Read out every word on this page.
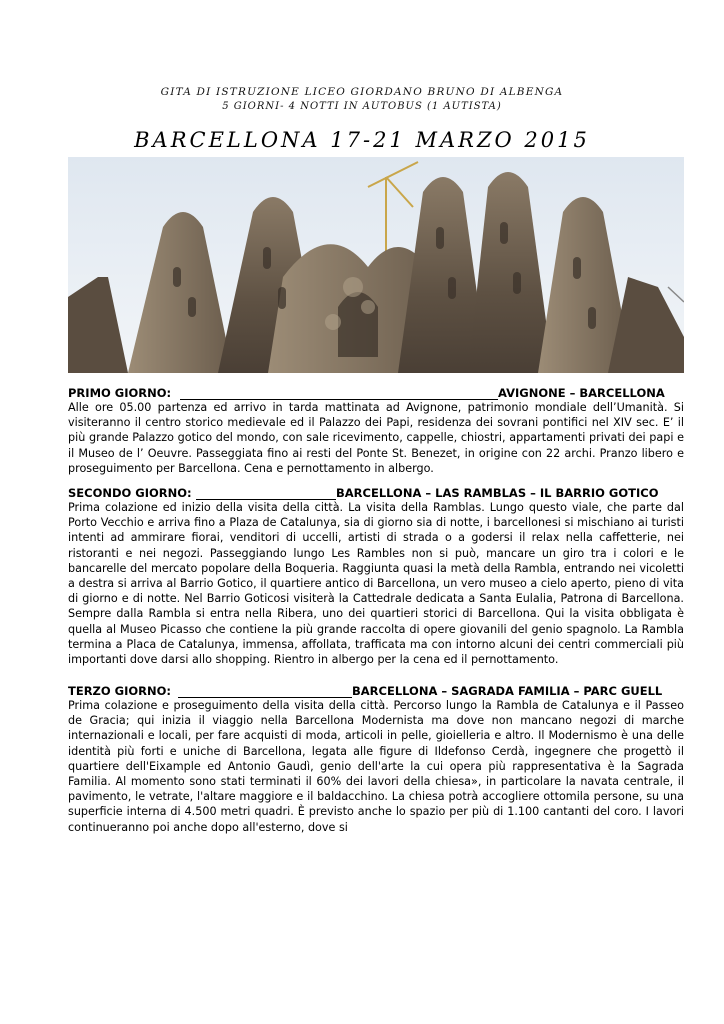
GITA DI ISTRUZIONE LICEO GIORDANO BRUNO DI ALBENGA
5 GIORNI- 4 NOTTI IN AUTOBUS (1 AUTISTA)
BARCELLONA 17-21 MARZO 2015
PRIMO GIORNO:	AVIGNONE – BARCELLONA

Alle ore 05.00 partenza ed arrivo in tarda mattinata ad Avignone, patrimonio mondiale dell’Umanità. Si visiteranno il centro storico medievale ed il Palazzo dei Papi, residenza dei sovrani pontifici nel XIV sec. E’ il più grande Palazzo gotico del mondo, con sale ricevimento, cappelle, chiostri, appartamenti privati dei papi e il Museo de l’ Oeuvre. Passeggiata fino ai resti del Ponte St. Benezet, in origine con 22 archi. Pranzo libero e proseguimento per Barcellona. Cena e pernottamento in albergo.

SECONDO GIORNO:	BARCELLONA – LAS RAMBLAS – IL BARRIO GOTICO

Prima colazione ed inizio della visita della città. La visita della Ramblas. Lungo questo viale, che parte dal Porto Vecchio e arriva fino a Plaza de Catalunya, sia di giorno sia di notte, i barcellonesi si mischiano ai turisti intenti ad ammirare fiorai, venditori di uccelli, artisti di strada o a godersi il relax nella caffetterie, nei ristoranti e nei negozi. Passeggiando lungo Les Rambles non si può, mancare un giro tra i colori e le bancarelle del mercato popolare della Boqueria. Raggiunta quasi la metà della Rambla, entrando nei vicoletti a destra si arriva al Barrio Gotico, il quartiere antico di Barcellona, un vero museo a cielo aperto, pieno di vita di giorno e di notte. Nel Barrio Goticosi visiterà la Cattedrale dedicata a Santa Eulalia, Patrona di Barcellona. Sempre dalla Rambla si entra nella Ribera, uno dei quartieri storici di Barcellona. Qui la visita obbligata è quella al Museo Picasso che contiene la più grande raccolta di opere giovanili del genio spagnolo. La Rambla termina a Placa de Catalunya, immensa, affollata, trafficata ma con intorno alcuni dei centri commerciali più importanti dove darsi allo shopping. Rientro in albergo per la cena ed il pernottamento.

TERZO GIORNO:	BARCELLONA – SAGRADA FAMILIA – PARC GUELL

Prima colazione e proseguimento della visita della città. Percorso lungo la Rambla de Catalunya e il Passeo de Gracia; qui inizia il viaggio nella Barcellona Modernista ma dove non mancano negozi di marche internazionali e locali, per fare acquisti di moda, articoli in pelle, gioielleria e altro. Il Modernismo è una delle identità più forti e uniche di Barcellona, legata alle figure di Ildefonso Cerdà, ingegnere che progettò il quartiere dell'Eixample ed Antonio Gaudì, genio dell'arte la cui opera più rappresentativa è la Sagrada Familia. Al momento sono stati terminati il 60% dei lavori della chiesa», in particolare la navata centrale, il pavimento, le vetrate, l'altare maggiore e il baldacchino. La chiesa potrà accogliere ottomila persone, su una superficie interna di 4.500 metri quadri. È previsto anche lo spazio per più di 1.100 cantanti del coro. I lavori continueranno poi anche dopo all'esterno, dove si
